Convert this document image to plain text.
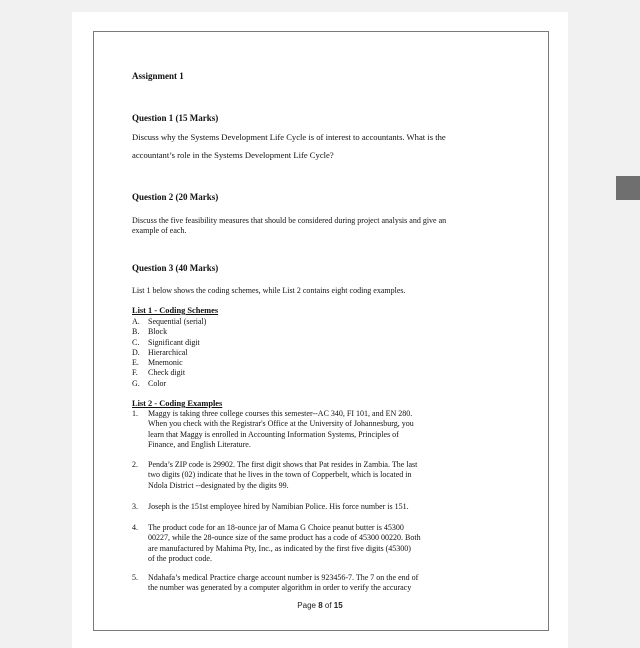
Assignment 1
Question 1 (15 Marks)
Discuss why the Systems Development Life Cycle is of interest to accountants. What is the
accountant’s role in the Systems Development Life Cycle?
Question 2 (20 Marks)
Discuss the five feasibility measures that should be considered during project analysis and give an
example of each.
Question 3 (40 Marks)
List 1 below shows the coding schemes, while List 2 contains eight coding examples.
List 1 - Coding Schemes
A. Sequential (serial)
B. Block
C. Significant digit
D. Hierarchical
E. Mnemonic
F. Check digit
G. Color
List 2 - Coding Examples
1. Maggy is taking three college courses this semester--AC 340, FI 101, and EN 280.
When you check with the Registrar's Office at the University of Johannesburg, you
learn that Maggy is enrolled in Accounting Information Systems, Principles of
Finance, and English Literature.
2. Penda’s ZIP code is 29902. The first digit shows that Pat resides in Zambia. The last
two digits (02) indicate that he lives in the town of Copperbelt, which is located in
Ndola District --designated by the digits 99.
3. Joseph is the 151st employee hired by Namibian Police. His force number is 151.
4. The product code for an 18-ounce jar of Mama G Choice peanut butter is 45300
00227, while the 28-ounce size of the same product has a code of 45300 00220. Both
are manufactured by Mahima Pty, Inc., as indicated by the first five digits (45300)
of the product code.
5. Ndahafa’s medical Practice charge account number is 923456-7. The 7 on the end of
the number was generated by a computer algorithm in order to verify the accuracy
Page 8 of 15
